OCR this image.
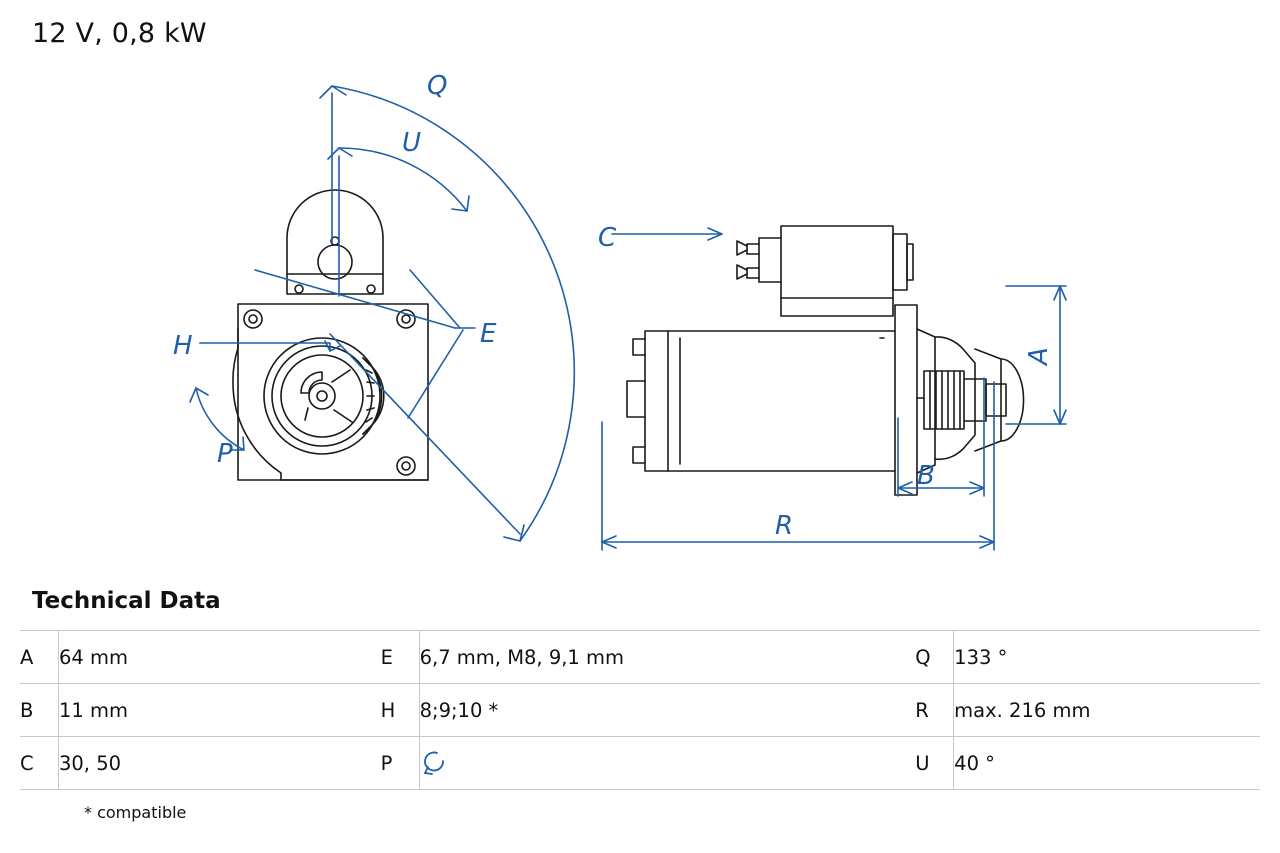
12 V, 0,8 kW
Q
U
E
H
P
C
A
B
R
Technical Data
A	64 mm	E	6,7 mm, M8, 9,1 mm	Q	133 °
B	11 mm	H	8;9;10 *	R	max. 216 mm
C	30, 50	P		U	40 °
* compatible
